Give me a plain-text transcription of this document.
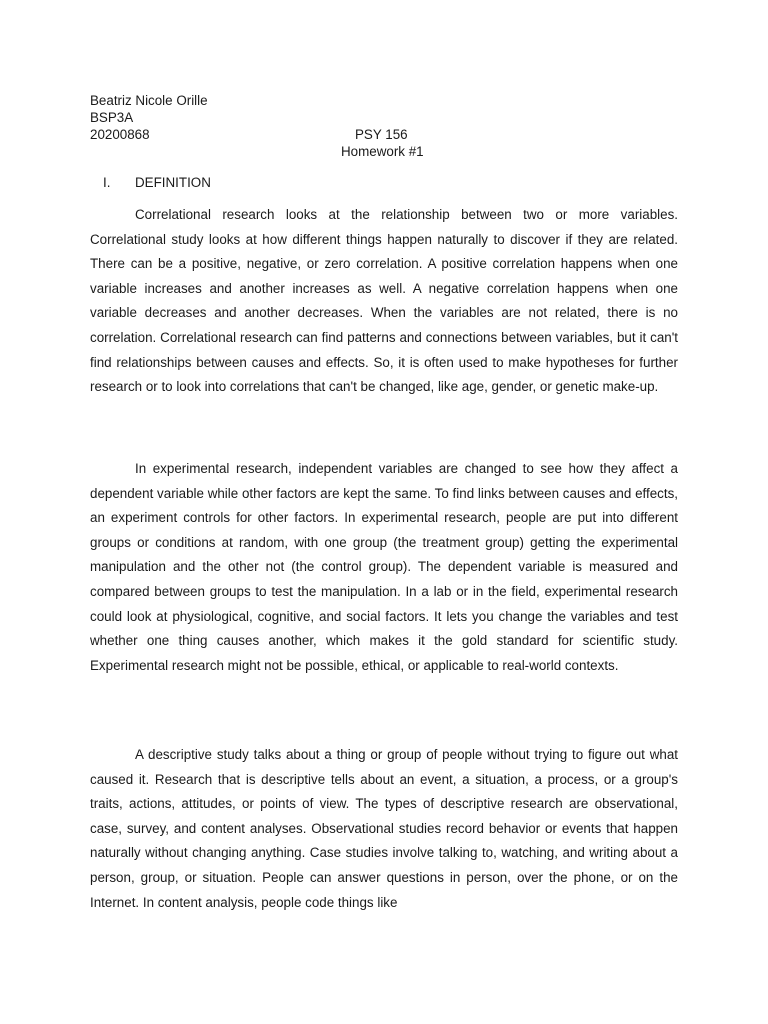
Beatriz Nicole Orille
BSP3A
20200868	PSY 156
Homework #1
I. DEFINITION

Correlational research looks at the relationship between two or more variables. Correlational study looks at how different things happen naturally to discover if they are related. There can be a positive, negative, or zero correlation. A positive correlation happens when one variable increases and another increases as well. A negative correlation happens when one variable decreases and another decreases. When the variables are not related, there is no correlation. Correlational research can find patterns and connections between variables, but it can't find relationships between causes and effects. So, it is often used to make hypotheses for further research or to look into correlations that can't be changed, like age, gender, or genetic make-up.

In experimental research, independent variables are changed to see how they affect a dependent variable while other factors are kept the same. To find links between causes and effects, an experiment controls for other factors. In experimental research, people are put into different groups or conditions at random, with one group (the treatment group) getting the experimental manipulation and the other not (the control group). The dependent variable is measured and compared between groups to test the manipulation. In a lab or in the field, experimental research could look at physiological, cognitive, and social factors. It lets you change the variables and test whether one thing causes another, which makes it the gold standard for scientific study. Experimental research might not be possible, ethical, or applicable to real-world contexts.

A descriptive study talks about a thing or group of people without trying to figure out what caused it. Research that is descriptive tells about an event, a situation, a process, or a group's traits, actions, attitudes, or points of view. The types of descriptive research are observational, case, survey, and content analyses. Observational studies record behavior or events that happen naturally without changing anything. Case studies involve talking to, watching, and writing about a person, group, or situation. People can answer questions in person, over the phone, or on the Internet. In content analysis, people code things like
